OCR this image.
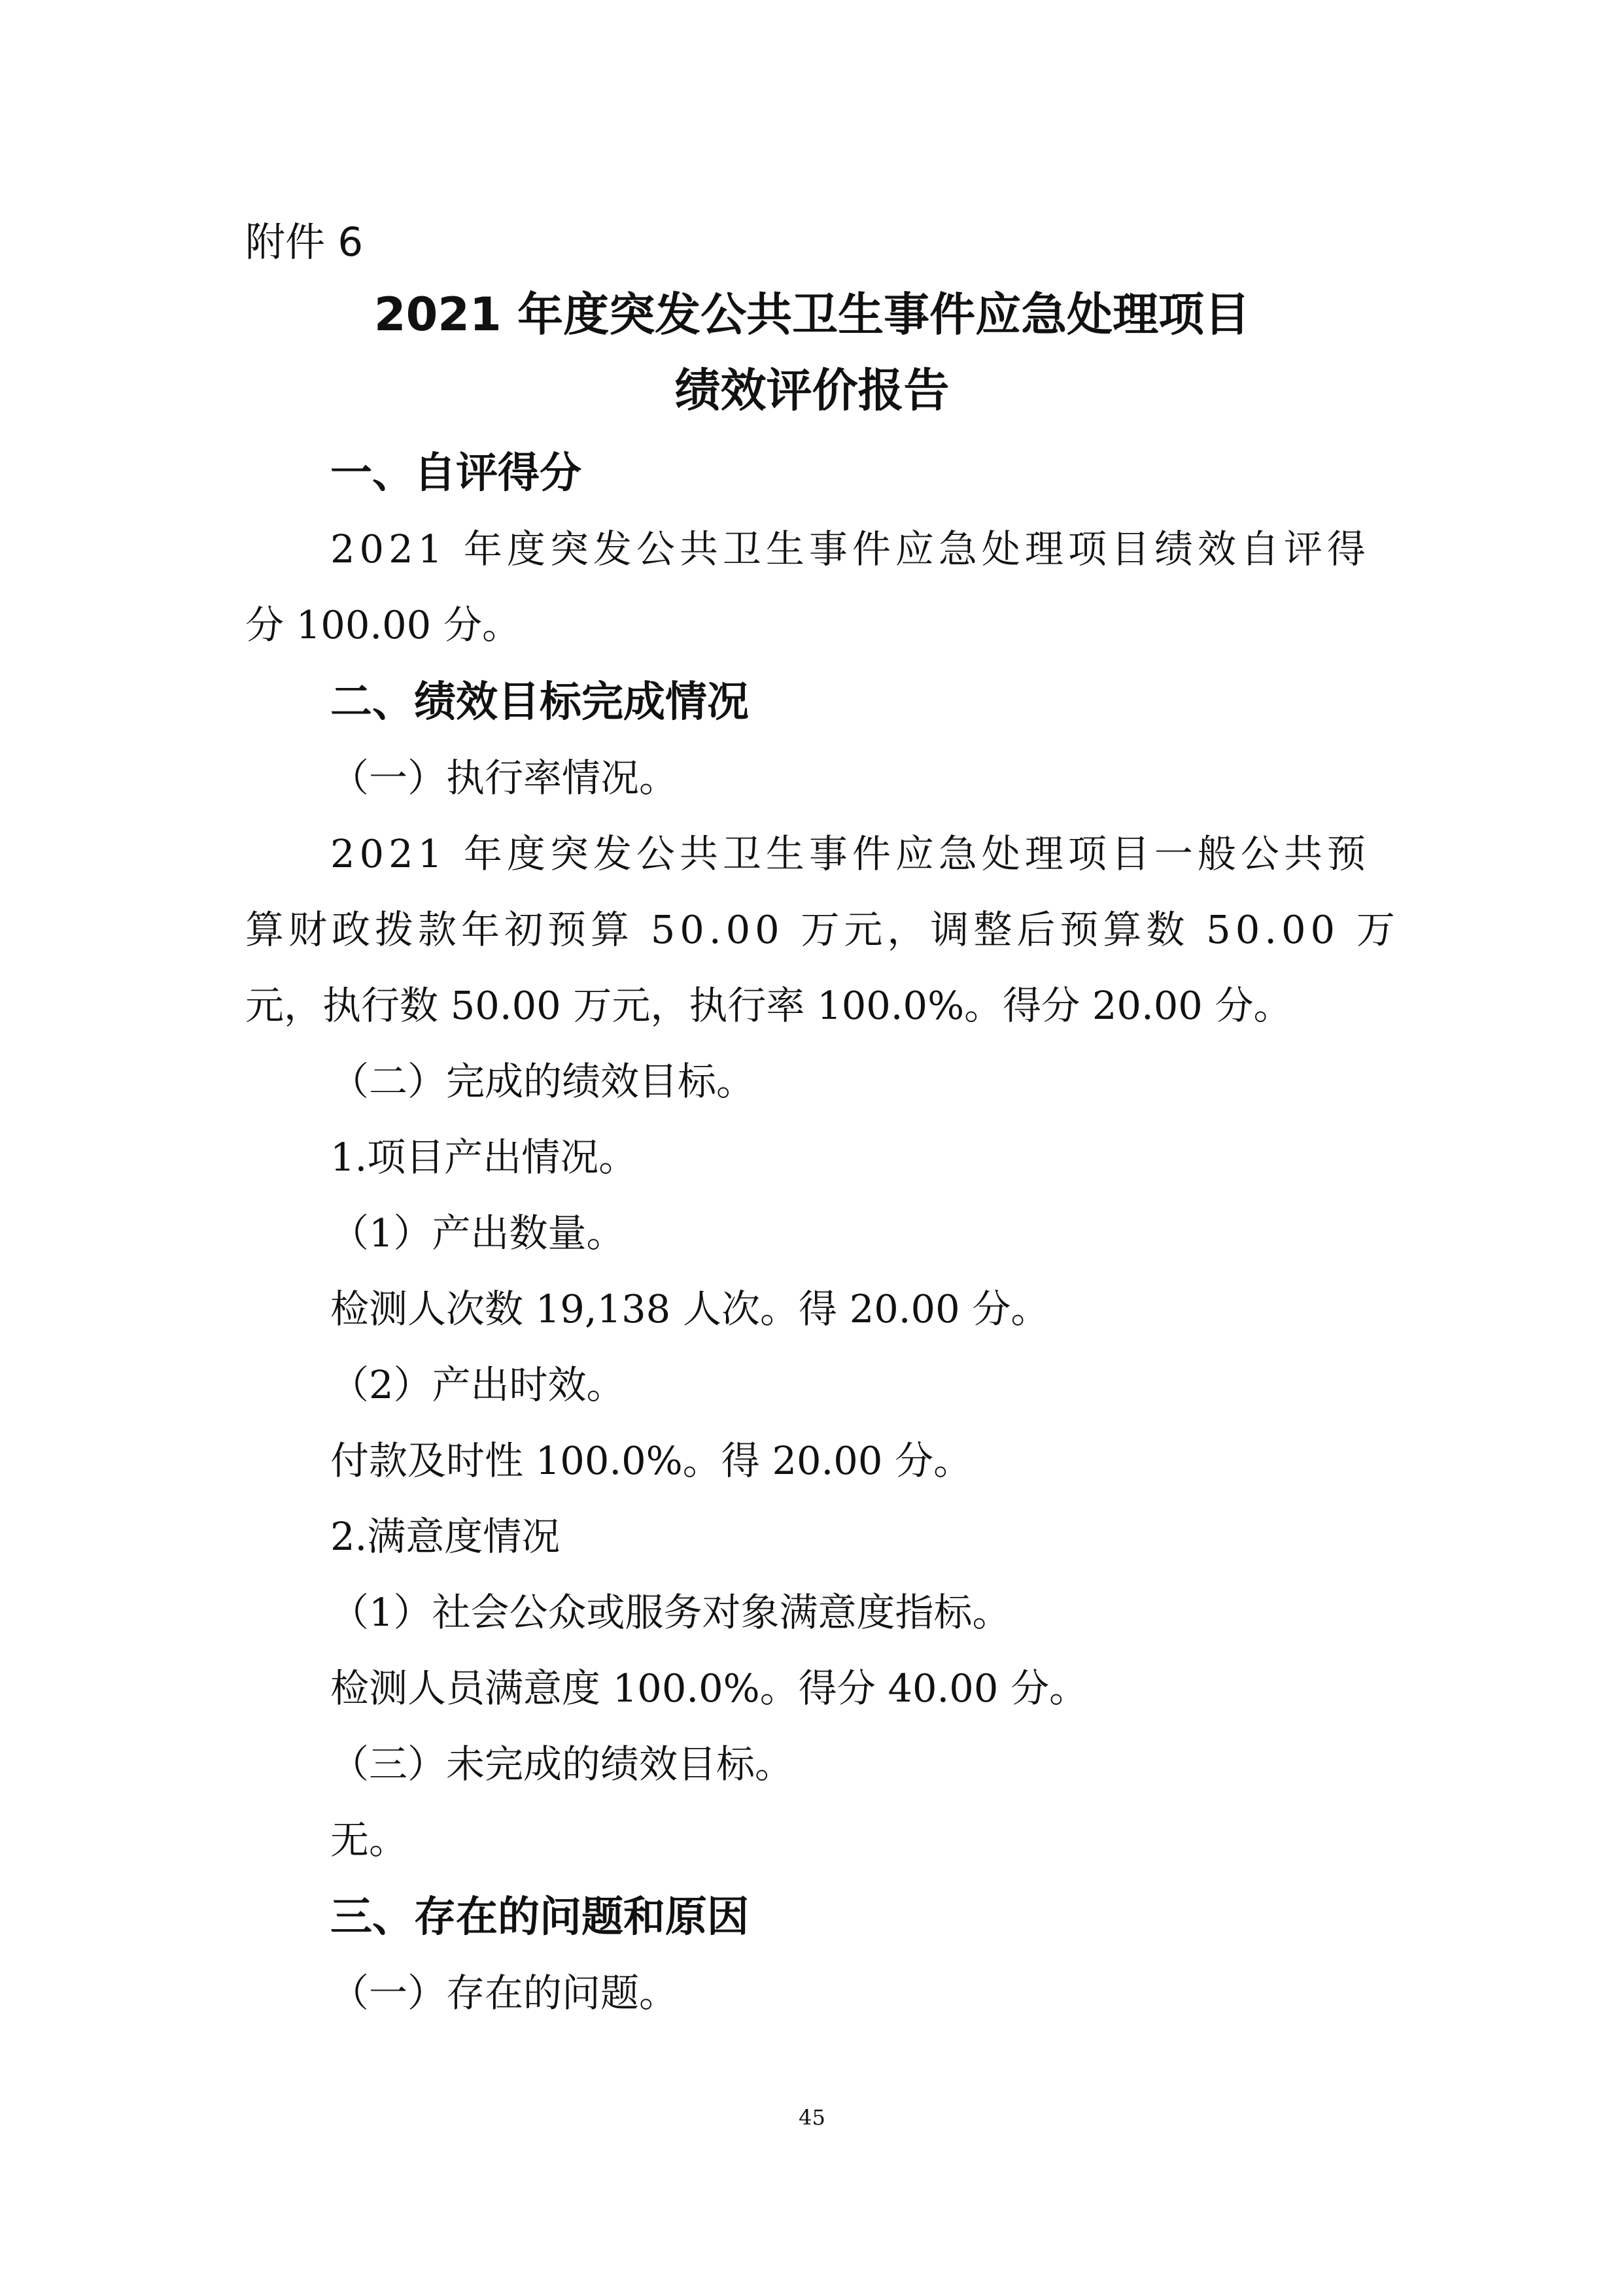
附件 6
2021 年度突发公共卫生事件应急处理项目
绩效评价报告
一、自评得分
2021 年度突发公共卫生事件应急处理项目绩效自评得
分 100.00 分。
二、绩效目标完成情况
（一）执行率情况。
2021 年度突发公共卫生事件应急处理项目一般公共预
算财政拨款年初预算 50.00 万元，调整后预算数 50.00 万
元，执行数 50.00 万元，执行率 100.0%。得分 20.00 分。
（二）完成的绩效目标。
1.项目产出情况。
（1）产出数量。
检测人次数 19,138 人次。得 20.00 分。
（2）产出时效。
付款及时性 100.0%。得 20.00 分。
2.满意度情况
（1）社会公众或服务对象满意度指标。
检测人员满意度 100.0%。得分 40.00 分。
（三）未完成的绩效目标。
无。
三、存在的问题和原因
（一）存在的问题。
45
